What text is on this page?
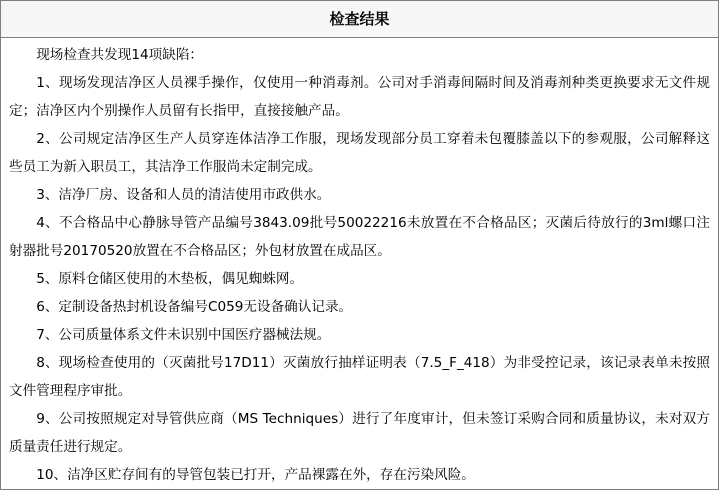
检查结果

现场检查共发现14项缺陷：

1、现场发现洁净区人员裸手操作，仅使用一种消毒剂。公司对手消毒间隔时间及消毒剂种类更换要求无文件规定；洁净区内个别操作人员留有长指甲，直接接触产品。

2、公司规定洁净区生产人员穿连体洁净工作服，现场发现部分员工穿着未包覆膝盖以下的参观服，公司解释这些员工为新入职员工，其洁净工作服尚未定制完成。

3、洁净厂房、设备和人员的清洁使用市政供水。

4、不合格品中心静脉导管产品编号3843.09批号50022216未放置在不合格品区；灭菌后待放行的3ml螺口注射器批号20170520放置在不合格品区；外包材放置在成品区。

5、原料仓储区使用的木垫板，偶见蜘蛛网。

6、定制设备热封机设备编号C059无设备确认记录。

7、公司质量体系文件未识别中国医疗器械法规。

8、现场检查使用的（灭菌批号17D11）灭菌放行抽样证明表（7.5_F_418）为非受控记录，该记录表单未按照文件管理程序审批。

9、公司按照规定对导管供应商（MS Techniques）进行了年度审计，但未签订采购合同和质量协议，未对双方质量责任进行规定。

10、洁净区贮存间有的导管包装已打开，产品裸露在外，存在污染风险。
